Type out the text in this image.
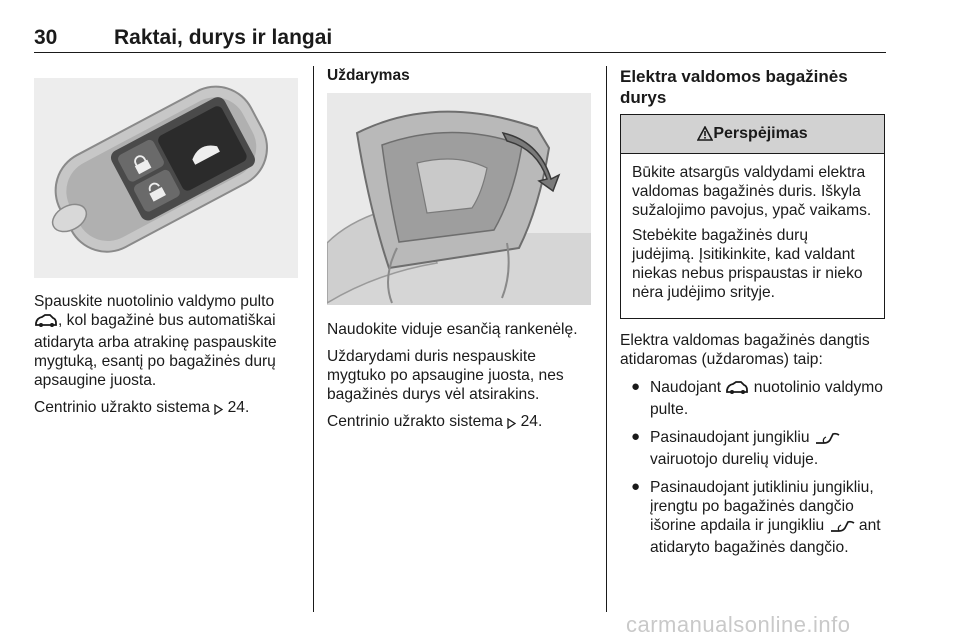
30	Raktai, durys ir langai

Spauskite nuotolinio valdymo pulto , kol bagažinė bus automatiškai atidaryta arba atrakinę paspauskite mygtuką, esantį po bagažinės durų apsaugine juosta.

Centrinio užrakto sistema 24.

Uždarymas

Naudokite viduje esančią rankenėlę.

Uždarydami duris nespauskite mygtuko po apsaugine juosta, nes bagažinės durys vėl atsirakins.

Centrinio užrakto sistema 24.

Elektra valdomos bagažinės
durys

Perspėjimas

Būkite atsargūs valdydami elektra valdomas bagažinės duris. Iškyla sužalojimo pavojus, ypač vaikams.

Stebėkite bagažinės durų judėjimą. Įsitikinkite, kad valdant niekas nebus prispaustas ir nieko nėra judėjimo srityje.

Elektra valdomas bagažinės dangtis atidaromas (uždaromas) taip:

● Naudojant nuotolinio valdymo pulte.

● Pasinaudojant jungikliu  vairuotojo durelių viduje.

● Pasinaudojant jutikliniu jungikliu, įrengtu po bagažinės dangčio išorine apdaila ir jungikliu ant atidaryto bagažinės dangčio.

carmanualsonline.info
